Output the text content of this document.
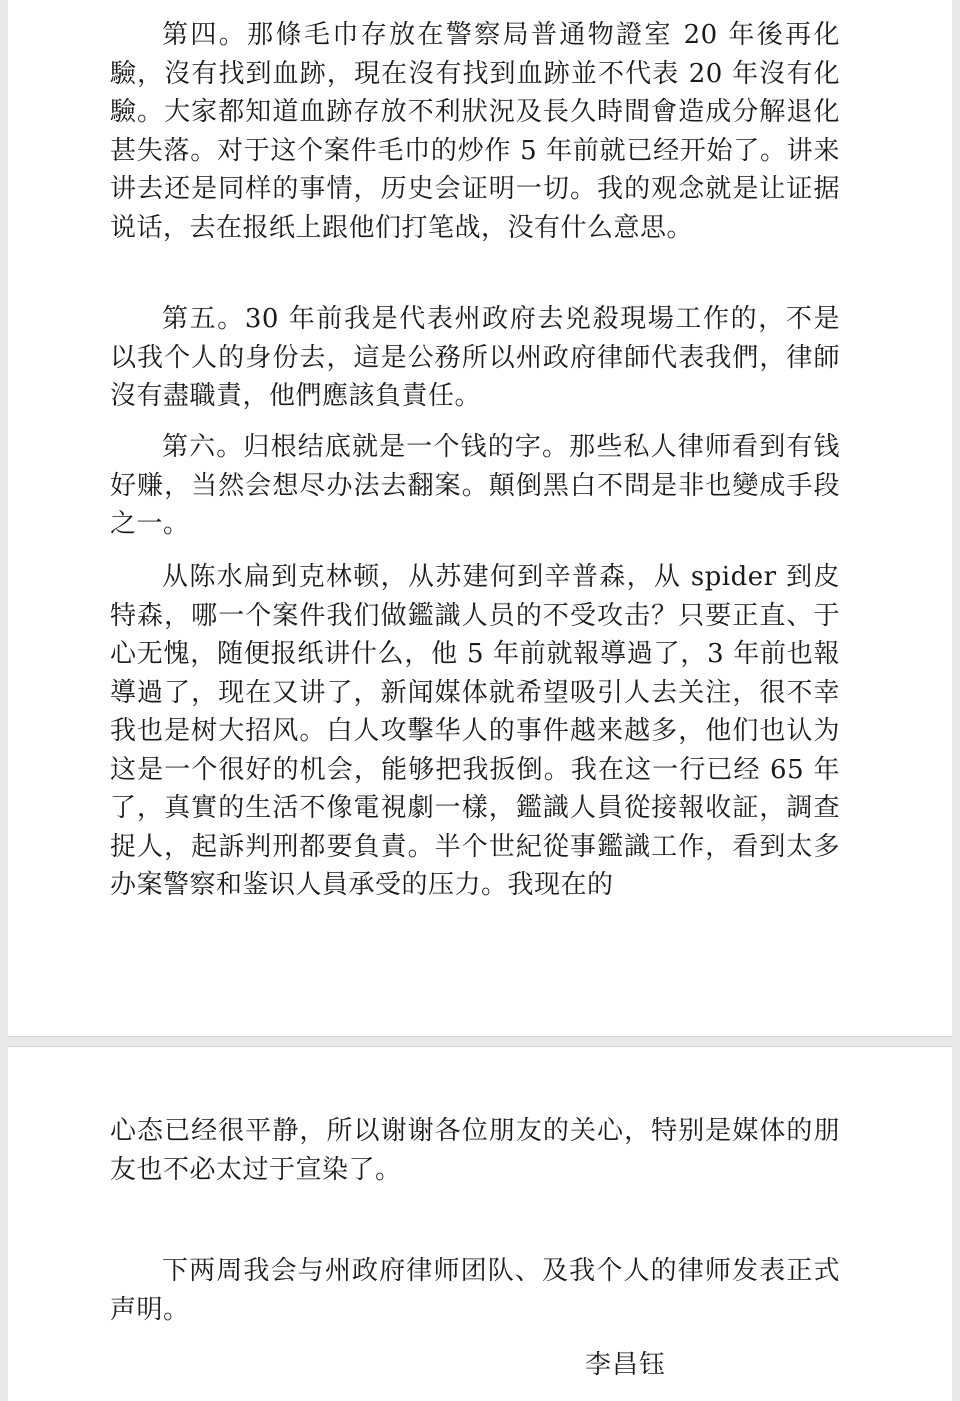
第四。那條毛巾存放在警察局普通物證室 20 年後再化驗，沒有找到血跡，現在沒有找到血跡並不代表 20 年沒有化驗。大家都知道血跡存放不利狀況及長久時間會造成分解退化甚失落。对于这个案件毛巾的炒作 5 年前就已经开始了。讲来讲去还是同样的事情，历史会证明一切。我的观念就是让证据说话，去在报纸上跟他们打笔战，没有什么意思。

第五。30 年前我是代表州政府去兇殺現場工作的，不是以我个人的身份去，這是公務所以州政府律師代表我們，律師沒有盡職責，他們應該負責任。

第六。归根结底就是一个钱的字。那些私人律师看到有钱好赚，当然会想尽办法去翻案。顛倒黑白不問是非也變成手段之一。

从陈水扁到克林顿，从苏建何到辛普森，从 spider 到皮特森，哪一个案件我们做鑑識人员的不受攻击？只要正直、于心无愧，随便报纸讲什么，他 5 年前就報導過了，3 年前也報導過了，现在又讲了，新闻媒体就希望吸引人去关注，很不幸我也是树大招风。白人攻擊华人的事件越来越多，他们也认为这是一个很好的机会，能够把我扳倒。我在这一行已经 65 年了，真實的生活不像電視劇一樣，鑑識人員從接報收証，調查捉人，起訴判刑都要負責。半个世紀從事鑑識工作，看到太多办案警察和鉴识人員承受的压力。我现在的

心态已经很平静，所以谢谢各位朋友的关心，特别是媒体的朋友也不必太过于宣染了。

下两周我会与州政府律师团队、及我个人的律师发表正式声明。

李昌钰
